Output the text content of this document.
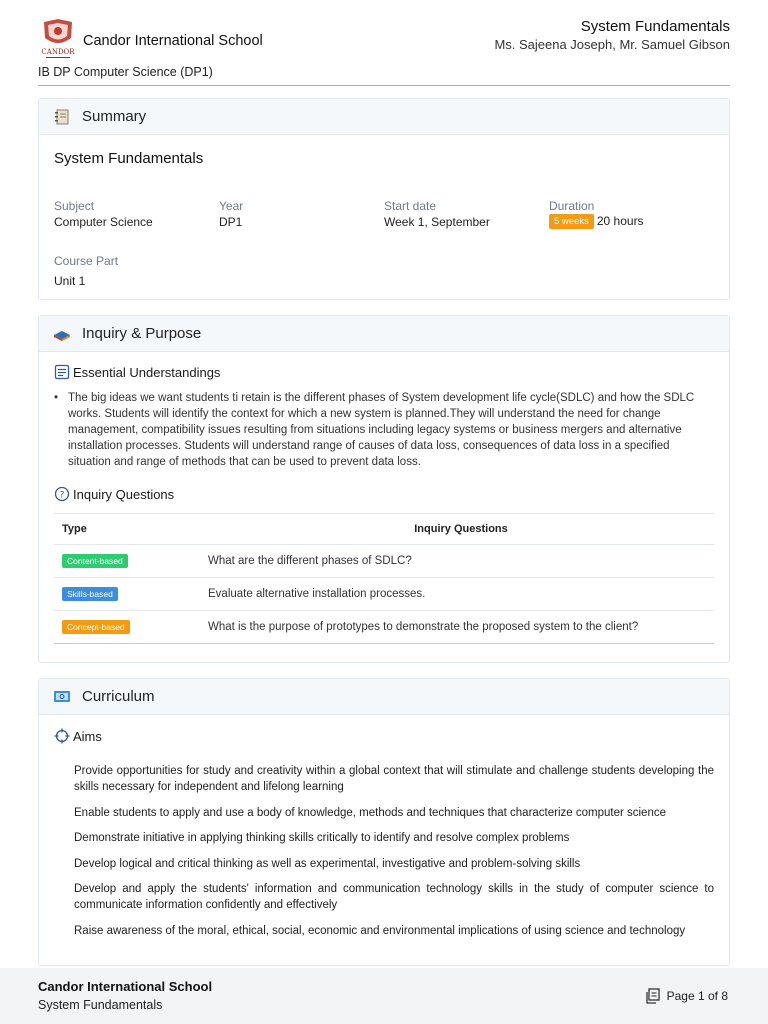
CANDOR
Candor International School
System Fundamentals
Ms. Sajeena Joseph, Mr. Samuel Gibson
IB DP Computer Science (DP1)
Summary
System Fundamentals
Subject
Computer Science
Year
DP1
Start date
Week 1, September
Duration
5 weeks 20 hours
Course Part
Unit 1
Inquiry & Purpose
Essential Understandings
• The big ideas we want students ti retain is the different phases of System development life cycle(SDLC) and how the SDLC works. Students will identify the context for which a new system is planned.They will understand the need for change management, compatibility issues resulting from situations including legacy systems or business mergers and alternative installation processes. Students will understand range of causes of data loss, consequences of data loss in a specified situation and range of methods that can be used to prevent data loss.
? Inquiry Questions
Type	Inquiry Questions
Content-based	What are the different phases of SDLC?
Skills-based	Evaluate alternative installation processes.
Concept-based	What is the purpose of prototypes to demonstrate the proposed system to the client?
Curriculum
Aims
Provide opportunities for study and creativity within a global context that will stimulate and challenge students developing the skills necessary for independent and lifelong learning
Enable students to apply and use a body of knowledge, methods and techniques that characterize computer science
Demonstrate initiative in applying thinking skills critically to identify and resolve complex problems
Develop logical and critical thinking as well as experimental, investigative and problem-solving skills
Develop and apply the students' information and communication technology skills in the study of computer science to communicate information confidently and effectively
Raise awareness of the moral, ethical, social, economic and environmental implications of using science and technology
Candor International School
System Fundamentals
Page 1 of 8
